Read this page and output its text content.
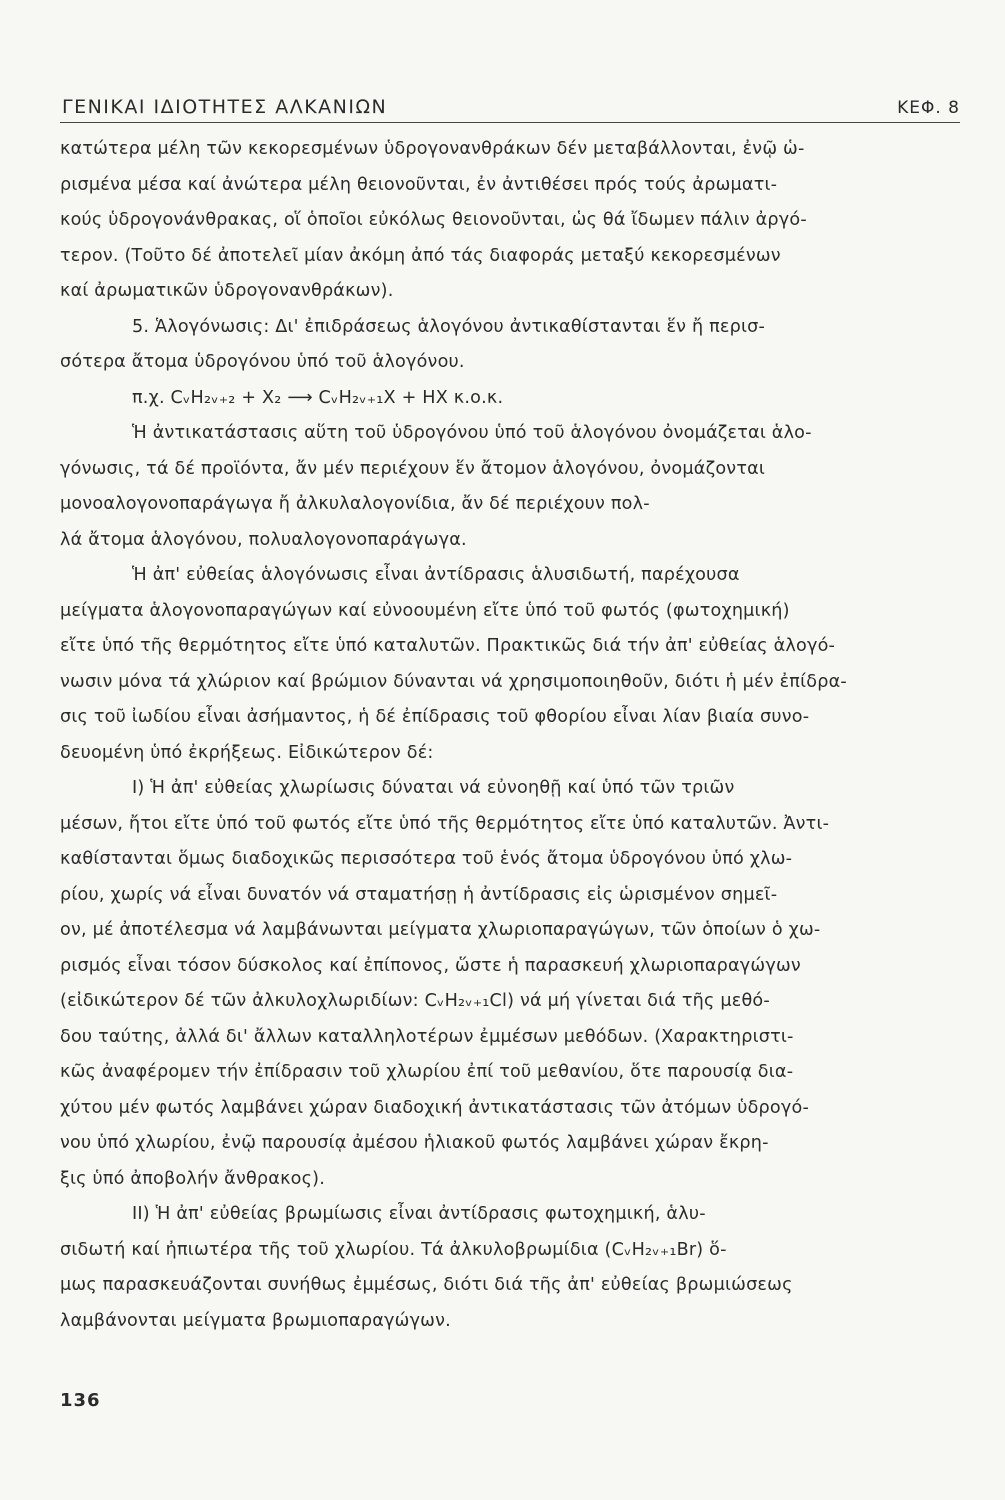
ΓΕΝΙΚΑΙ ΙΔΙΟΤΗΤΕΣ ΑΛΚΑΝΙΩΝ	ΚΕΦ. 8
κατώτερα μέλη τῶν κεκορεσμένων ὑδρογονανθράκων δέν μεταβάλλονται, ἐνῷ ὡ-
ρισμένα μέσα καί ἀνώτερα μέλη θειονοῦνται, ἐν ἀντιθέσει πρός τούς ἀρωματι-
κούς ὑδρογονάνθρακας, οἵ ὁποῖοι εὐκόλως θειονοῦνται, ὡς θά ἴδωμεν πάλιν ἀργό-
τερον. (Τοῦτο δέ ἀποτελεῖ μίαν ἀκόμη ἀπό τάς διαφοράς μεταξύ κεκορεσμένων
καί ἀρωματικῶν ὑδρογονανθράκων).
5. Ἁλογόνωσις: Δι' ἐπιδράσεως ἁλογόνου ἀντικαθίστανται ἕν ἤ περισ-
σότερα ἄτομα ὑδρογόνου ὑπό τοῦ ἁλογόνου.
π.χ. CᵥH₂ᵥ₊₂ + X₂ ⟶ CᵥH₂ᵥ₊₁X + HX κ.ο.κ.
Ἡ ἀντικατάστασις αὕτη τοῦ ὑδρογόνου ὑπό τοῦ ἁλογόνου ὀνομάζεται ἁλο-
γόνωσις, τά δέ προϊόντα, ἄν μέν περιέχουν ἕν ἄτομον ἁλογόνου, ὀνομάζονται
μονοαλογονοπαράγωγα ἤ ἀλκυλαλογονίδια, ἄν δέ περιέχουν πολ-
λά ἄτομα ἁλογόνου, πολυαλογονοπαράγωγα.
Ἡ ἀπ' εὐθείας ἁλογόνωσις εἶναι ἀντίδρασις ἁλυσιδωτή, παρέχουσα
μείγματα ἁλογονοπαραγώγων καί εὐνοουμένη εἴτε ὑπό τοῦ φωτός (φωτοχημική)
εἴτε ὑπό τῆς θερμότητος εἴτε ὑπό καταλυτῶν. Πρακτικῶς διά τήν ἀπ' εὐθείας ἁλογό-
νωσιν μόνα τά χλώριον καί βρώμιον δύνανται νά χρησιμοποιηθοῦν, διότι ἡ μέν ἐπίδρα-
σις τοῦ ἰωδίου εἶναι ἀσήμαντος, ἡ δέ ἐπίδρασις τοῦ φθορίου εἶναι λίαν βιαία συνο-
δευομένη ὑπό ἐκρήξεως. Εἰδικώτερον δέ:
I) Ἡ ἀπ' εὐθείας χλωρίωσις δύναται νά εὐνοηθῇ καί ὑπό τῶν τριῶν
μέσων, ἤτοι εἴτε ὑπό τοῦ φωτός εἴτε ὑπό τῆς θερμότητος εἴτε ὑπό καταλυτῶν. Ἀντι-
καθίστανται ὅμως διαδοχικῶς περισσότερα τοῦ ἑνός ἄτομα ὑδρογόνου ὑπό χλω-
ρίου, χωρίς νά εἶναι δυνατόν νά σταματήσῃ ἡ ἀντίδρασις εἰς ὡρισμένον σημεῖ-
ον, μέ ἀποτέλεσμα νά λαμβάνωνται μείγματα χλωριοπαραγώγων, τῶν ὁποίων ὁ χω-
ρισμός εἶναι τόσον δύσκολος καί ἐπίπονος, ὥστε ἡ παρασκευή χλωριοπαραγώγων
(εἰδικώτερον δέ τῶν ἀλκυλοχλωριδίων: CᵥH₂ᵥ₊₁Cl) νά μή γίνεται διά τῆς μεθό-
δου ταύτης, ἀλλά δι' ἄλλων καταλληλοτέρων ἐμμέσων μεθόδων. (Χαρακτηριστι-
κῶς ἀναφέρομεν τήν ἐπίδρασιν τοῦ χλωρίου ἐπί τοῦ μεθανίου, ὅτε παρουσίᾳ δια-
χύτου μέν φωτός λαμβάνει χώραν διαδοχική ἀντικατάστασις τῶν ἀτόμων ὑδρογό-
νου ὑπό χλωρίου, ἐνῷ παρουσίᾳ ἀμέσου ἡλιακοῦ φωτός λαμβάνει χώραν ἔκρη-
ξις ὑπό ἀποβολήν ἄνθρακος).
II) Ἡ ἀπ' εὐθείας βρωμίωσις εἶναι ἀντίδρασις φωτοχημική, ἁλυ-
σιδωτή καί ἠπιωτέρα τῆς τοῦ χλωρίου. Τά ἀλκυλοβρωμίδια (CᵥH₂ᵥ₊₁Br) ὅ-
μως παρασκευάζονται συνήθως ἐμμέσως, διότι διά τῆς ἀπ' εὐθείας βρωμιώσεως
λαμβάνονται μείγματα βρωμιοπαραγώγων.
136
